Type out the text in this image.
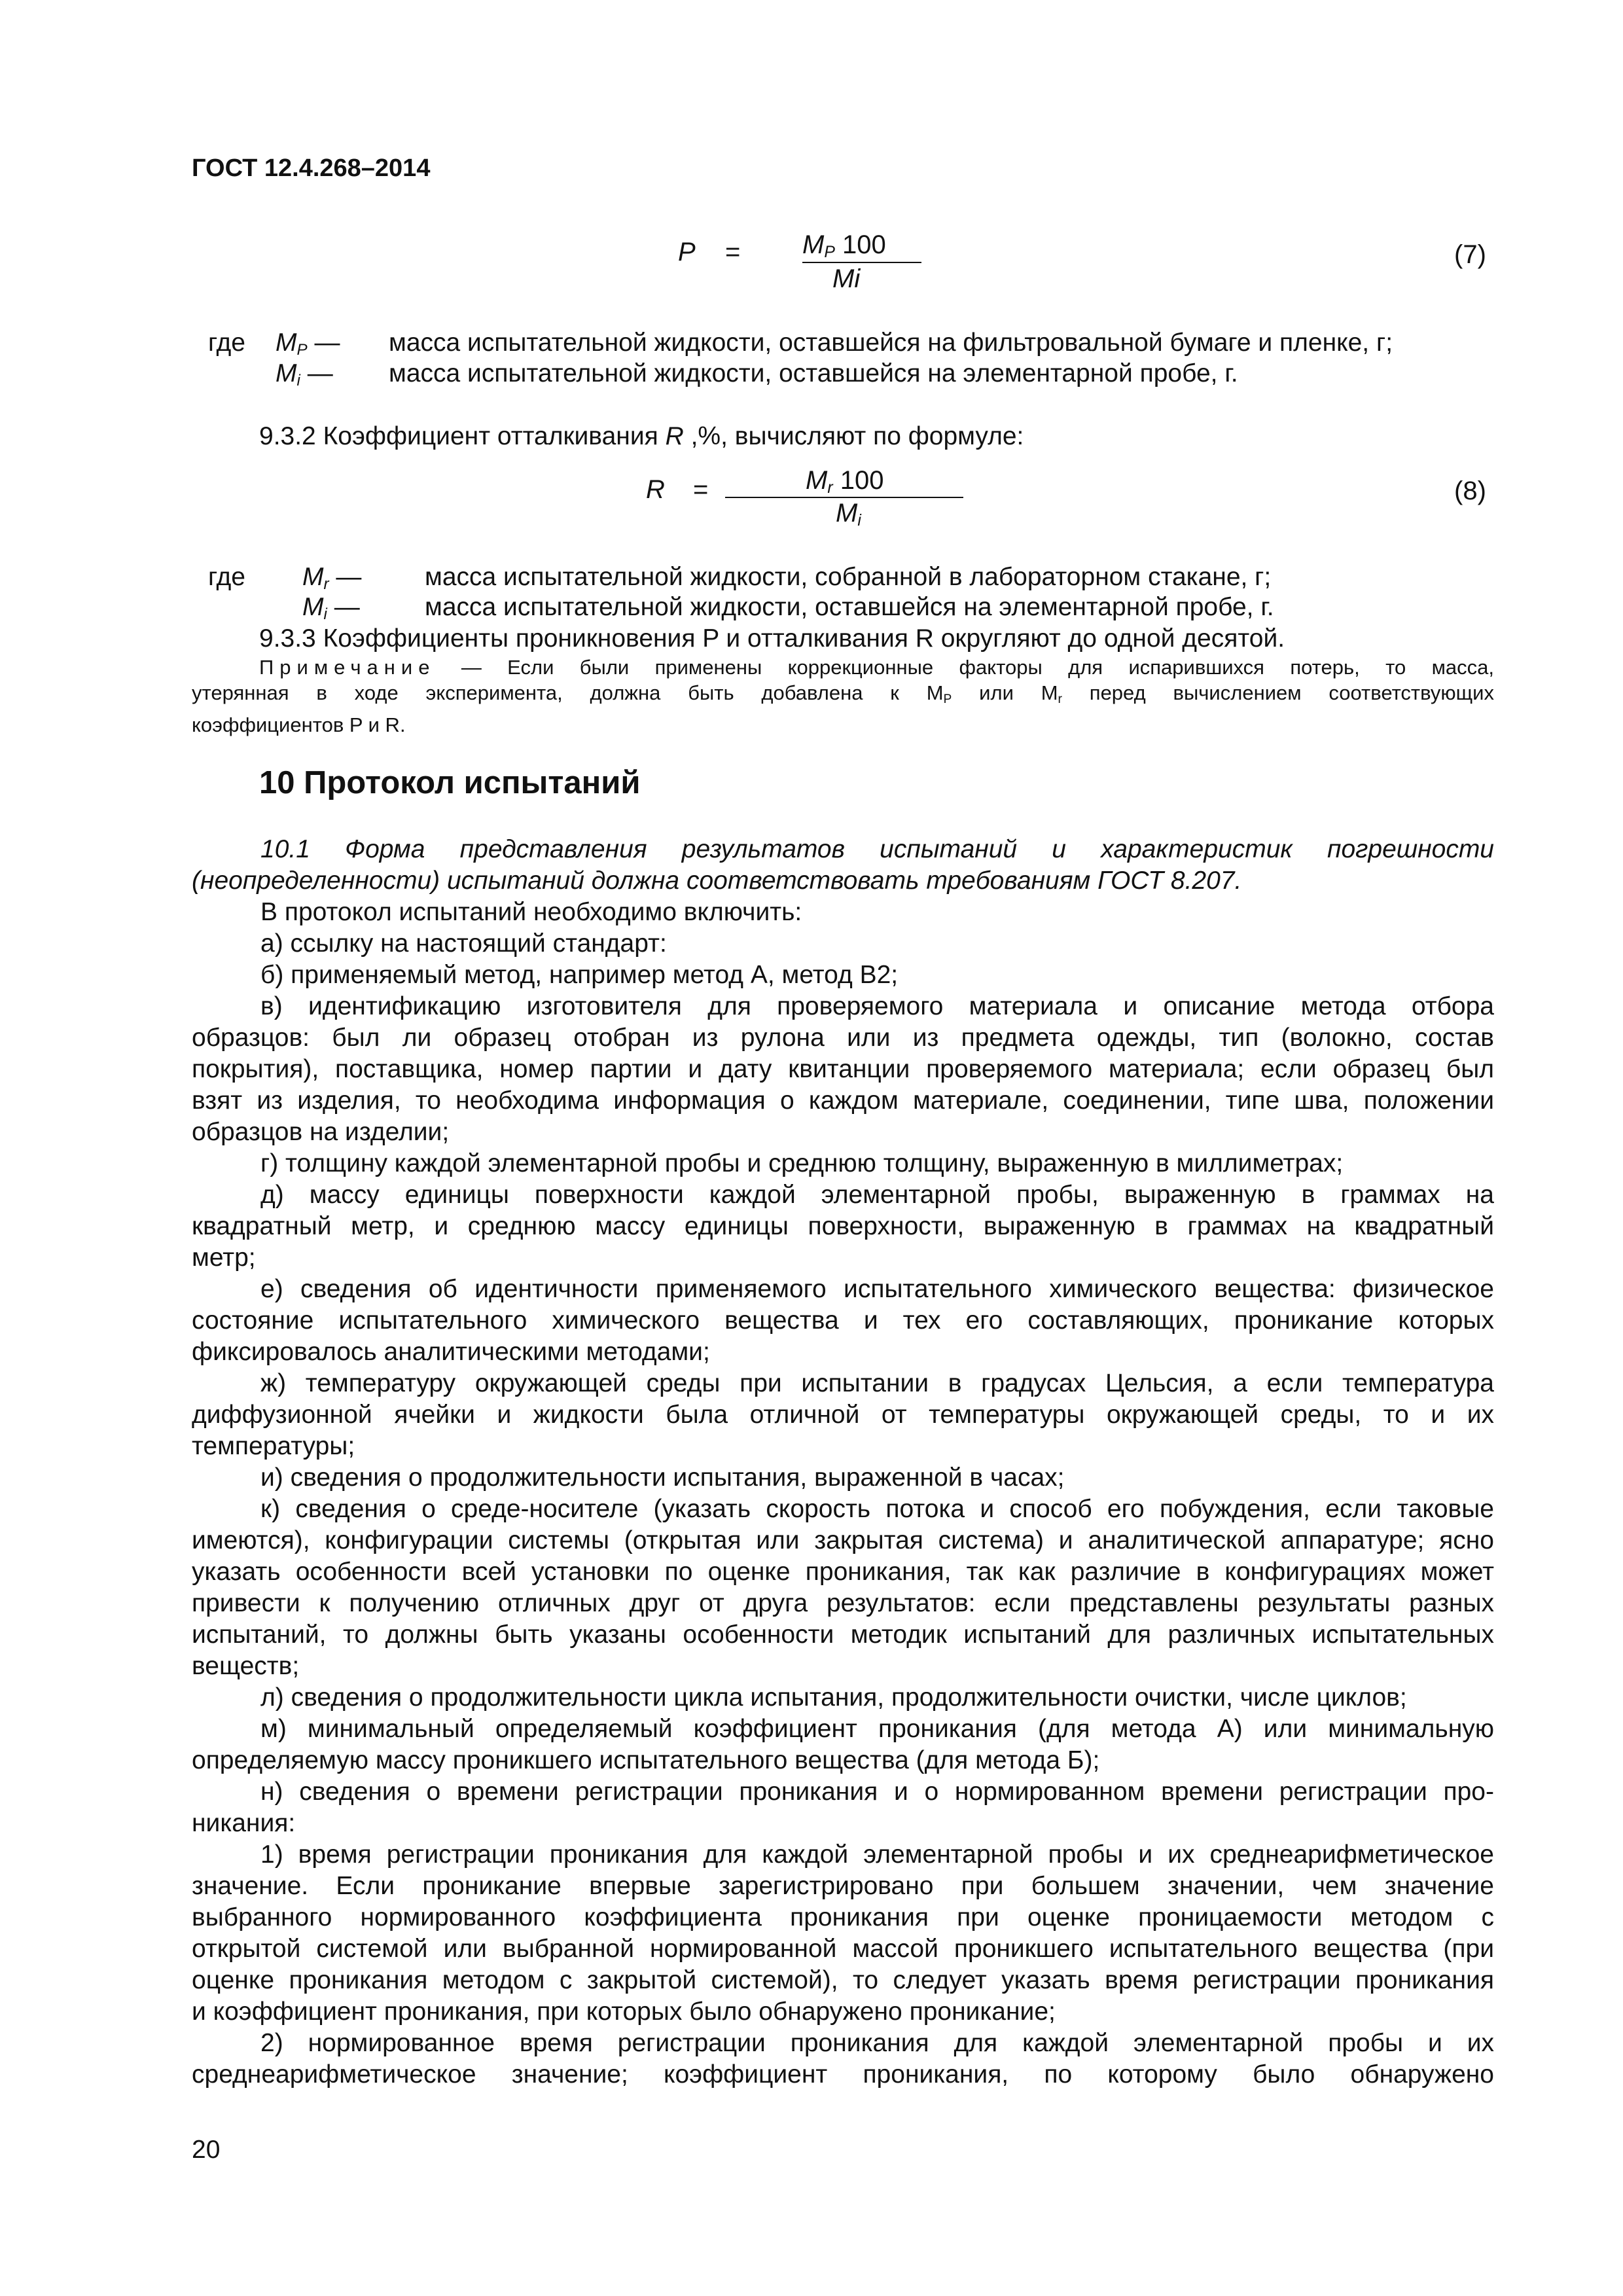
ГОСТ 12.4.268–2014
$P = M_P$ 100
Mi
(7)
где $M_P$ — масса испытательной жидкости, оставшейся на фильтровальной бумаге и пленке, г;
$M_i$ — масса испытательной жидкости, оставшейся на элементарной пробе, г.
9.3.2 Коэффициент отталкивания R ,%, вычисляют по формуле:
R =	$M_r$ 100
$M_i$
(8)
где $M_r$ — масса испытательной жидкости, собранной в лабораторном стакане, г;
$M_i$ —	масса испытательной жидкости, оставшейся на элементарной пробе, г.
9.3.3 Коэффициенты проникновения P и отталкивания R округляют до одной десятой.
Примечание — Если были применены коррекционные факторы для испарившихся потерь, то масса,
утерянная в ходе эксперимента, должна быть добавлена к $M_P$ или $M_r$ перед вычислением соответствующих
коэффициентов P и R.
10 Протокол испытаний
10.1 Форма представления результатов испытаний и характеристик погрешности
(неопределенности) испытаний должна соответствовать требованиям ГОСТ 8.207.
В протокол испытаний необходимо включить:
а) ссылку на настоящий стандарт:
б) применяемый метод, например метод А, метод В2;
в) идентификацию изготовителя для проверяемого материала и описание метода отбора
образцов: был ли образец отобран из рулона или из предмета одежды, тип (волокно, состав
покрытия), поставщика, номер партии и дату квитанции проверяемого материала; если образец был
взят из изделия, то необходима информация о каждом материале, соединении, типе шва, положении
образцов на изделии;
г) толщину каждой элементарной пробы и среднюю толщину, выраженную в миллиметрах;
д) массу единицы поверхности каждой элементарной пробы, выраженную в граммах на
квадратный метр, и среднюю массу единицы поверхности, выраженную в граммах на квадратный
метр;
е) сведения об идентичности применяемого испытательного химического вещества: физическое
состояние испытательного химического вещества и тех его составляющих, проникание которых
фиксировалось аналитическими методами;
ж) температуру окружающей среды при испытании в градусах Цельсия, а если температура
диффузионной ячейки и жидкости была отличной от температуры окружающей среды, то и их
температуры;
и) сведения о продолжительности испытания, выраженной в часах;
к) сведения о среде-носителе (указать скорость потока и способ его побуждения, если таковые
имеются), конфигурации системы (открытая или закрытая система) и аналитической аппаратуре; ясно
указать особенности всей установки по оценке проникания, так как различие в конфигурациях может
привести к получению отличных друг от друга результатов: если представлены результаты разных
испытаний, то должны быть указаны особенности методик испытаний для различных испытательных
веществ;
л) сведения о продолжительности цикла испытания, продолжительности очистки, числе циклов;
м) минимальный определяемый коэффициент проникания (для метода А) или минимальную
определяемую массу проникшего испытательного вещества (для метода Б);
н) сведения о времени регистрации проникания и о нормированном времени регистрации про-
никания:
1) время регистрации проникания для каждой элементарной пробы и их среднеарифметическое
значение. Если проникание впервые зарегистрировано при большем значении, чем значение
выбранного нормированного коэффициента проникания при оценке проницаемости методом с
открытой системой или выбранной нормированной массой проникшего испытательного вещества (при
оценке проникания методом с закрытой системой), то следует указать время регистрации проникания
и коэффициент проникания, при которых было обнаружено проникание;
2) нормированное время регистрации проникания для каждой элементарной пробы и их
среднеарифметическое значение; коэффициент проникания, по которому было обнаружено
20
